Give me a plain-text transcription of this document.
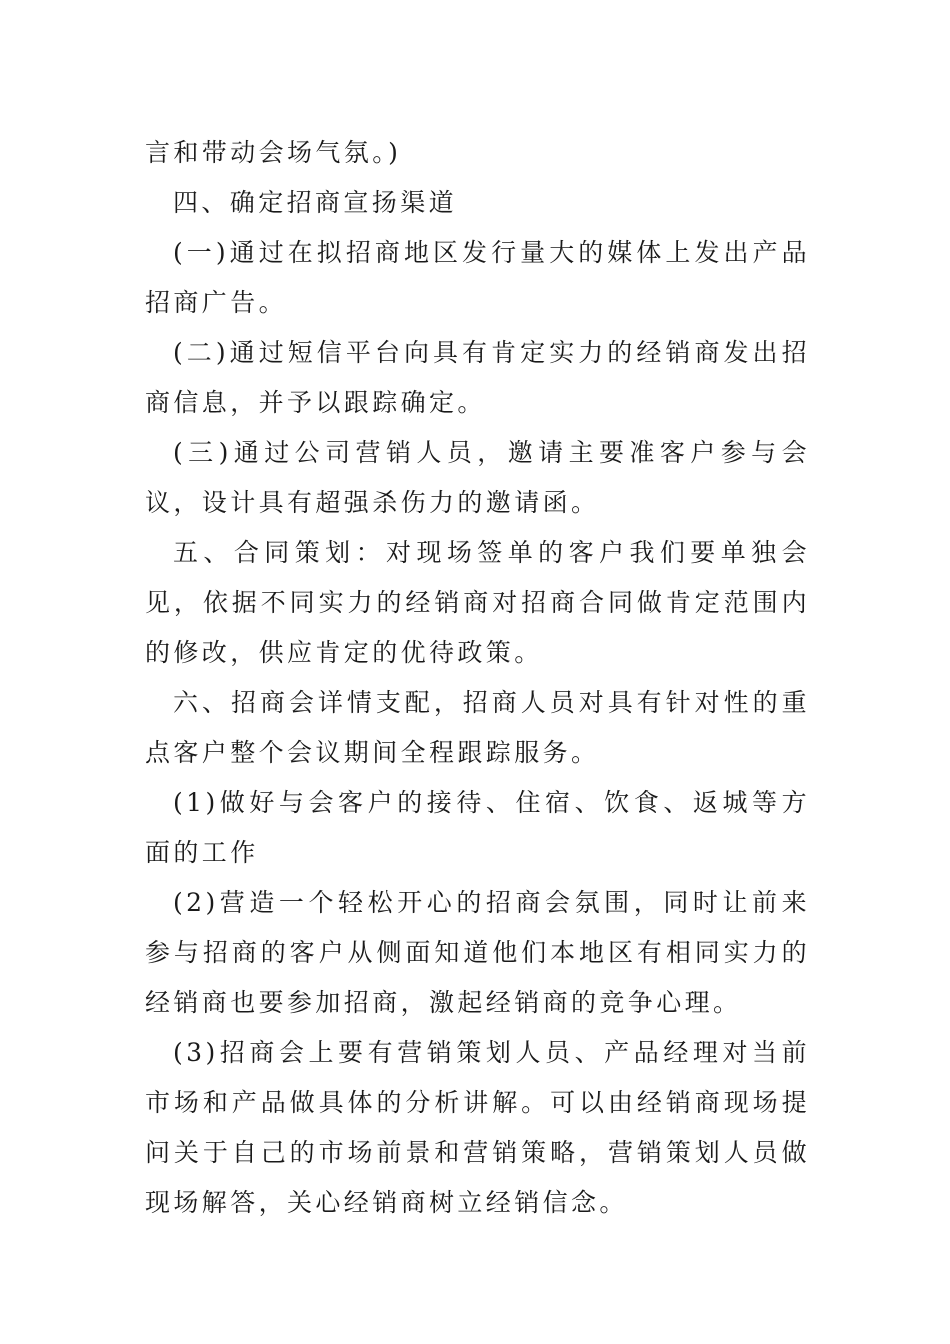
言和带动会场气氛。)

四、确定招商宣扬渠道

(一)通过在拟招商地区发行量大的媒体上发出产品招商广告。

(二)通过短信平台向具有肯定实力的经销商发出招商信息，并予以跟踪确定。

(三)通过公司营销人员，邀请主要准客户参与会议，设计具有超强杀伤力的邀请函。

五、合同策划：对现场签单的客户我们要单独会见，依据不同实力的经销商对招商合同做肯定范围内的修改，供应肯定的优待政策。

六、招商会详情支配，招商人员对具有针对性的重点客户整个会议期间全程跟踪服务。

(1)做好与会客户的接待、住宿、饮食、返城等方面的工作

(2)营造一个轻松开心的招商会氛围，同时让前来参与招商的客户从侧面知道他们本地区有相同实力的经销商也要参加招商，激起经销商的竞争心理。

(3)招商会上要有营销策划人员、产品经理对当前市场和产品做具体的分析讲解。可以由经销商现场提问关于自己的市场前景和营销策略，营销策划人员做现场解答，关心经销商树立经销信念。
